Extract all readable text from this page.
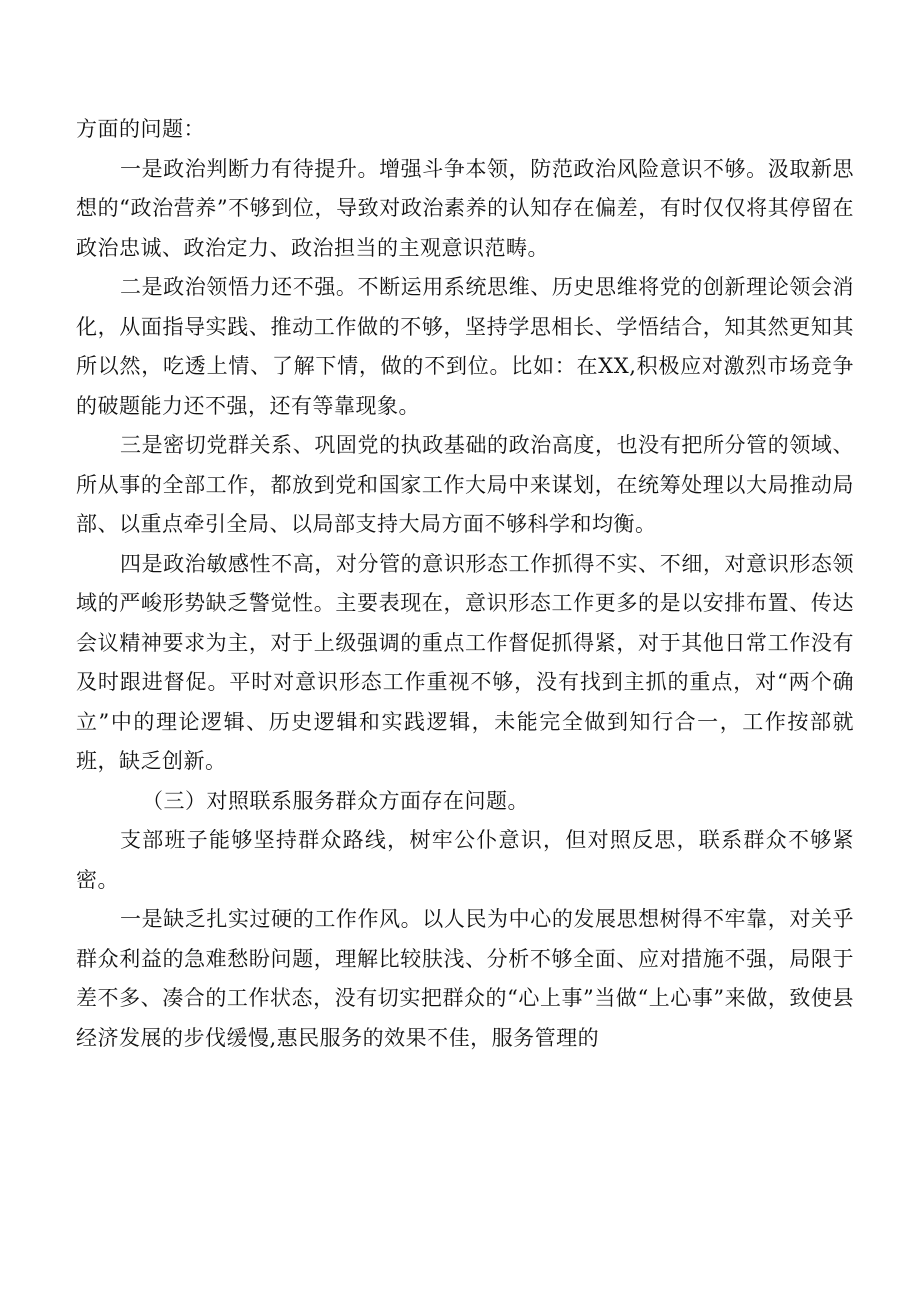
方面的问题：

一是政治判断力有待提升。增强斗争本领，防范政治风险意识不够。汲取新思想的“政治营养”不够到位，导致对政治素养的认知存在偏差，有时仅仅将其停留在政治忠诚、政治定力、政治担当的主观意识范畴。

二是政治领悟力还不强。不断运用系统思维、历史思维将党的创新理论领会消化，从面指导实践、推动工作做的不够，坚持学思相长、学悟结合，知其然更知其所以然，吃透上情、了解下情，做的不到位。比如：在XX,积极应对激烈市场竞争的破题能力还不强，还有等靠现象。

三是密切党群关系、巩固党的执政基础的政治高度，也没有把所分管的领域、所从事的全部工作，都放到党和国家工作大局中来谋划，在统筹处理以大局推动局部、以重点牵引全局、以局部支持大局方面不够科学和均衡。

四是政治敏感性不高，对分管的意识形态工作抓得不实、不细，对意识形态领域的严峻形势缺乏警觉性。主要表现在，意识形态工作更多的是以安排布置、传达会议精神要求为主，对于上级强调的重点工作督促抓得紧，对于其他日常工作没有及时跟进督促。平时对意识形态工作重视不够，没有找到主抓的重点，对“两个确立”中的理论逻辑、历史逻辑和实践逻辑，未能完全做到知行合一，工作按部就班，缺乏创新。

（三）对照联系服务群众方面存在问题。

支部班子能够坚持群众路线，树牢公仆意识，但对照反思，联系群众不够紧密。

一是缺乏扎实过硬的工作作风。以人民为中心的发展思想树得不牢靠，对关乎群众利益的急难愁盼问题，理解比较肤浅、分析不够全面、应对措施不强，局限于差不多、凑合的工作状态，没有切实把群众的“心上事”当做“上心事”来做，致使县经济发展的步伐缓慢,惠民服务的效果不佳，服务管理的
